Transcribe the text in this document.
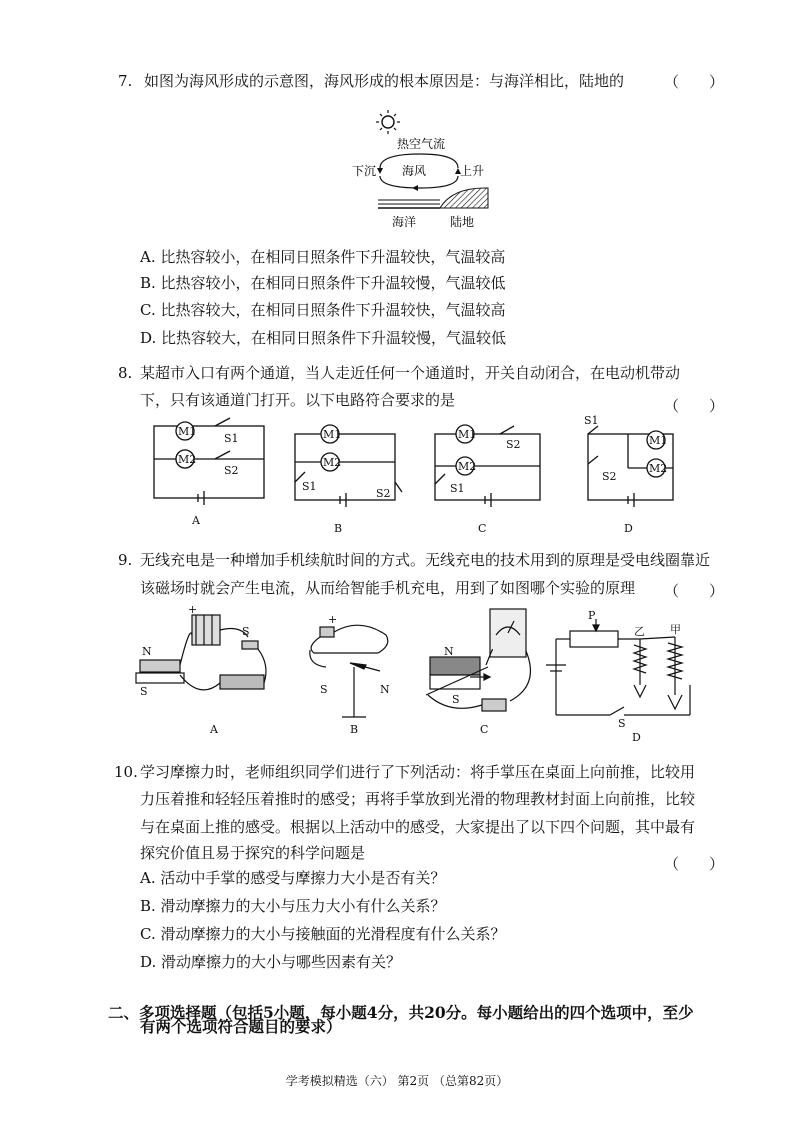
7. 如图为海风形成的示意图，海风形成的根本原因是：与海洋相比，陆地的	（　　）
热空气流
下沉 海风	上升
海洋	陆地
A. 比热容较小，在相同日照条件下升温较快，气温较高
B. 比热容较小，在相同日照条件下升温较慢，气温较低
C. 比热容较大，在相同日照条件下升温较快，气温较高
D. 比热容较大，在相同日照条件下升温较慢，气温较低
8. 某超市入口有两个通道，当人走近任何一个通道时，开关自动闭合，在电动机带动
下，只有该通道门打开。以下电路符合要求的是	（　　）
M1
M2
S1
S2
A
M1
M2
S1
S2
B
M1
M2
S2
S1
C
S1
S2
M1
M2
D
9. 无线充电是一种增加手机续航时间的方式。无线充电的技术用到的原理是受电线圈靠近
该磁场时就会产生电流，从而给智能手机充电，用到了如图哪个实验的原理 （　　）
+
N
S
S
A
+
S	N
B
N
S
C
P
乙 甲
S
D
10. 学习摩擦力时，老师组织同学们进行了下列活动：将手掌压在桌面上向前推，比较用
力压着推和轻轻压着推时的感受；再将手掌放到光滑的物理教材封面上向前推，比较
与在桌面上推的感受。根据以上活动中的感受，大家提出了以下四个问题，其中最有
探究价值且易于探究的科学问题是
（　　）
A. 活动中手掌的感受与摩擦力大小是否有关？
B. 滑动摩擦力的大小与压力大小有什么关系？
C. 滑动摩擦力的大小与接触面的光滑程度有什么关系？
D. 滑动摩擦力的大小与哪些因素有关？
二、多项选择题（包括5小题，每小题4分，共20分。每小题给出的四个选项中，至少
有两个选项符合题目的要求）
学考模拟精选（六） 第2页 （总第82页）
